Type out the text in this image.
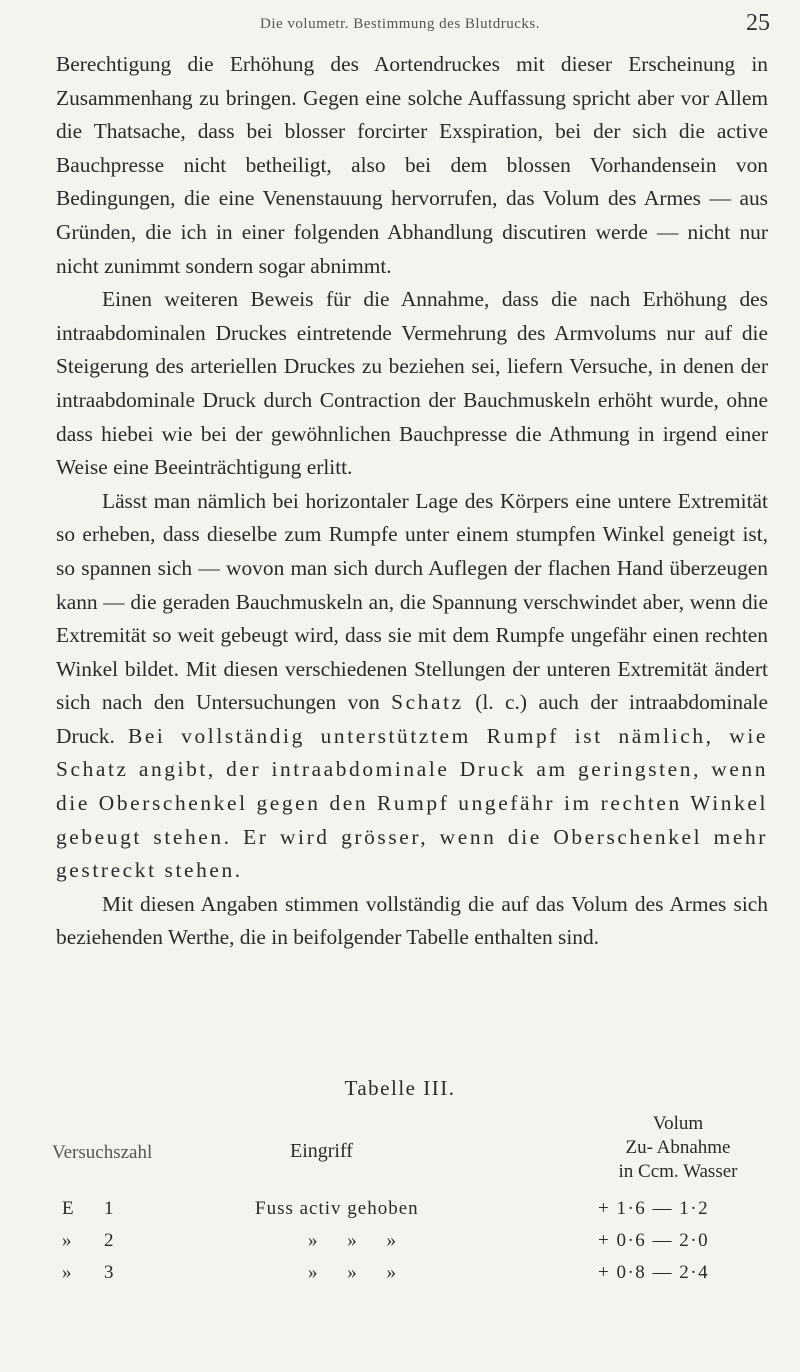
Die volumetr. Bestimmung des Blutdrucks.	25

Berechtigung die Erhöhung des Aortendruckes mit dieser Erscheinung in Zusammenhang zu bringen. Gegen eine solche Auffassung spricht aber vor Allem die Thatsache, dass bei blosser forcirter Exspiration, bei der sich die active Bauchpresse nicht betheiligt, also bei dem blossen Vorhandensein von Bedingungen, die eine Venenstauung hervorrufen, das Volum des Armes — aus Gründen, die ich in einer folgenden Abhandlung discutiren werde — nicht nur nicht zunimmt sondern sogar abnimmt.

Einen weiteren Beweis für die Annahme, dass die nach Erhöhung des intraabdominalen Druckes eintretende Vermehrung des Armvolums nur auf die Steigerung des arteriellen Druckes zu beziehen sei, liefern Versuche, in denen der intraabdominale Druck durch Contraction der Bauchmuskeln erhöht wurde, ohne dass hiebei wie bei der gewöhnlichen Bauchpresse die Athmung in irgend einer Weise eine Beeinträchtigung erlitt.

Lässt man nämlich bei horizontaler Lage des Körpers eine untere Extremität so erheben, dass dieselbe zum Rumpfe unter einem stumpfen Winkel geneigt ist, so spannen sich — wovon man sich durch Auflegen der flachen Hand überzeugen kann — die geraden Bauchmuskeln an, die Spannung verschwindet aber, wenn die Extremität so weit gebeugt wird, dass sie mit dem Rumpfe ungefähr einen rechten Winkel bildet. Mit diesen verschiedenen Stellungen der unteren Extremität ändert sich nach den Untersuchungen von Schatz (l. c.) auch der intraabdominale Druck. Bei vollständig unterstütztem Rumpf ist nämlich, wie Schatz angibt, der intraabdominale Druck am geringsten, wenn die Oberschenkel gegen den Rumpf ungefähr im rechten Winkel gebeugt stehen. Er wird grösser, wenn die Oberschenkel mehr gestreckt stehen.

Mit diesen Angaben stimmen vollständig die auf das Volum des Armes sich beziehenden Werthe, die in beifolgender Tabelle enthalten sind.

Tabelle III.
Versuchszahl	Eingriff
Volum
Zu- Abnahme
in Ccm. Wasser
E 1	Fuss activ gehoben	+ 1·6 — 1·2
» 2	»     »     »	+ 0·6 — 2·0
» 3	»     »     »	+ 0·8 — 2·4
